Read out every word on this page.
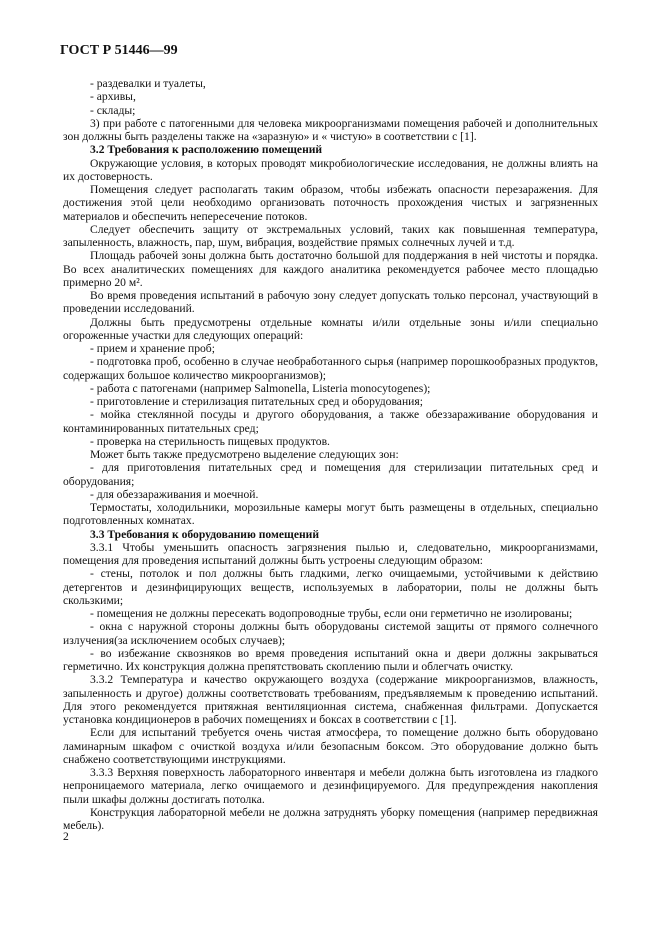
ГОСТ Р 51446—99

- раздевалки и туалеты,

- архивы,

- склады;

3) при работе с патогенными для человека микроорганизмами помещения рабочей и дополнительных зон должны быть разделены также на «заразную» и « чистую» в соответствии с [1].

3.2 Требования к расположению помещений

Окружающие условия, в которых проводят микробиологические исследования, не должны влиять на их достоверность.

Помещения следует располагать таким образом, чтобы избежать опасности перезаражения. Для достижения этой цели необходимо организовать поточность прохождения чистых и загрязненных материалов и обеспечить непересечение потоков.

Следует обеспечить защиту от экстремальных условий, таких как повышенная температура, запыленность, влажность, пар, шум, вибрация, воздействие прямых солнечных лучей и т.д.

Площадь рабочей зоны должна быть достаточно большой для поддержания в ней чистоты и порядка. Во всех аналитических помещениях для каждого аналитика рекомендуется рабочее место площадью примерно 20 м².

Во время проведения испытаний в рабочую зону следует допускать только персонал, участвующий в проведении исследований.

Должны быть предусмотрены отдельные комнаты и/или отдельные зоны и/или специально огороженные участки для следующих операций:

- прием и хранение проб;

- подготовка проб, особенно в случае необработанного сырья (например порошкообразных продуктов, содержащих большое количество микроорганизмов);

- работа с патогенами (например Salmonella, Listeria monocytogenes);

- приготовление и стерилизация питательных сред и оборудования;

- мойка стеклянной посуды и другого оборудования, а также обеззараживание оборудования и контаминированных питательных сред;

- проверка на стерильность пищевых продуктов.

Может быть также предусмотрено выделение следующих зон:

- для приготовления питательных сред и помещения для стерилизации питательных сред и оборудования;

- для обеззараживания и моечной.

Термостаты, холодильники, морозильные камеры могут быть размещены в отдельных, специально подготовленных комнатах.

3.3 Требования к оборудованию помещений

3.3.1 Чтобы уменьшить опасность загрязнения пылью и, следовательно, микроорганизмами, помещения для проведения испытаний должны быть устроены следующим образом:

- стены, потолок и пол должны быть гладкими, легко очищаемыми, устойчивыми к действию детергентов и дезинфицирующих веществ, используемых в лаборатории, полы не должны быть скользкими;

- помещения не должны пересекать водопроводные трубы, если они герметично не изолированы;

- окна с наружной стороны должны быть оборудованы системой защиты от прямого солнечного излучения(за исключением особых случаев);

- во избежание сквозняков во время проведения испытаний окна и двери должны закрываться герметично. Их конструкция должна препятствовать скоплению пыли и облегчать очистку.

3.3.2 Температура и качество окружающего воздуха (содержание микроорганизмов, влажность, запыленность и другое) должны соответствовать требованиям, предъявляемым к проведению испытаний. Для этого рекомендуется притяжная вентиляционная система, снабженная фильтрами. Допускается установка кондиционеров в рабочих помещениях и боксах в соответствии с [1].

Если для испытаний требуется очень чистая атмосфера, то помещение должно быть оборудовано ламинарным шкафом с очисткой воздуха и/или безопасным боксом. Это оборудование должно быть снабжено соответствующими инструкциями.

3.3.3 Верхняя поверхность лабораторного инвентаря и мебели должна быть изготовлена из гладкого непроницаемого материала, легко очищаемого и дезинфицируемого. Для предупреждения накопления пыли шкафы должны достигать потолка.

Конструкция лабораторной мебели не должна затруднять уборку помещения (например передвижная мебель).

2
